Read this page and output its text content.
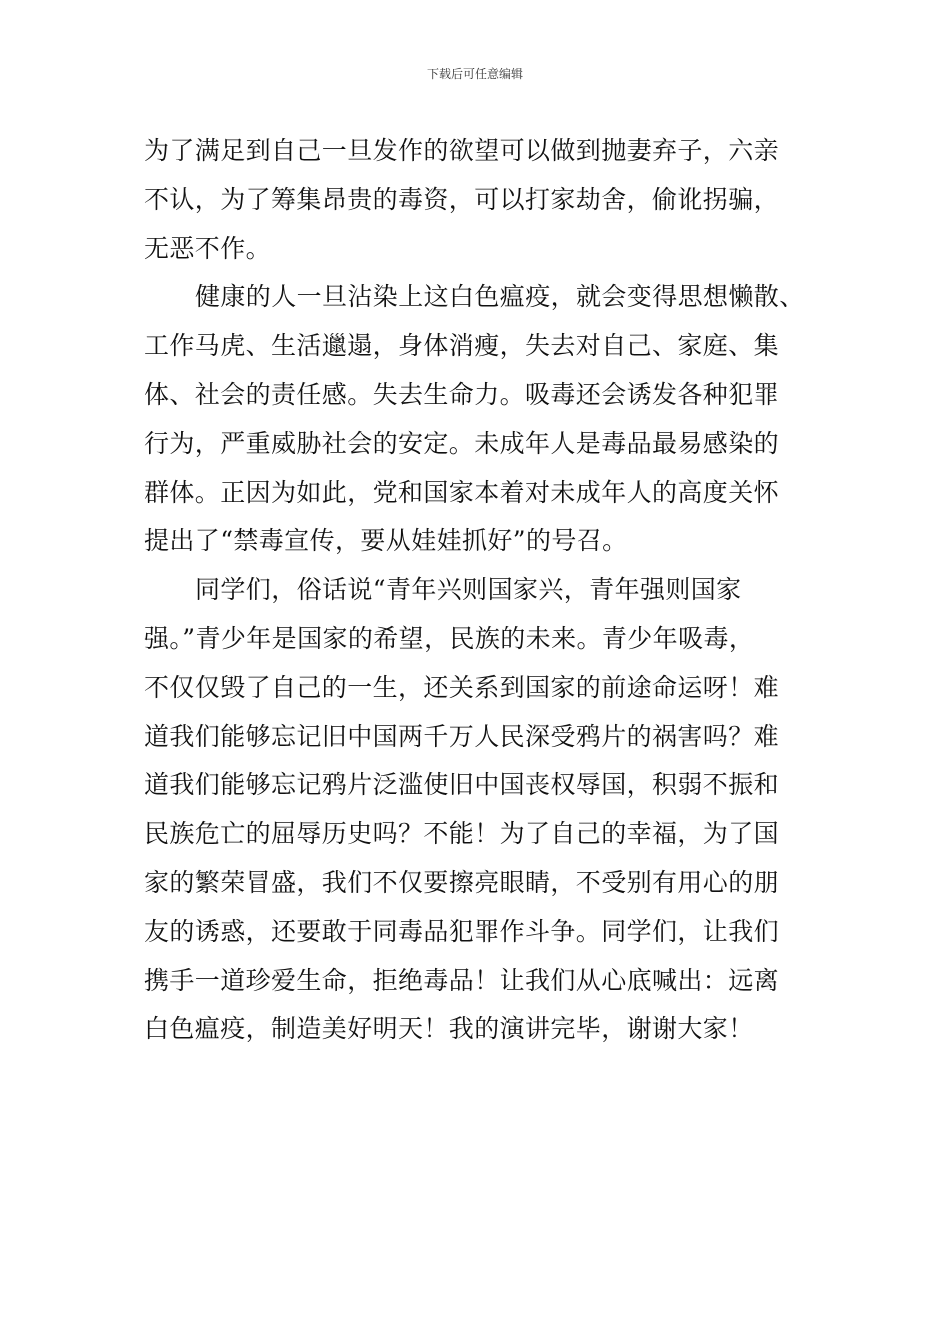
下载后可任意编辑
为了满足到自己一旦发作的欲望可以做到抛妻弃子，六亲
不认，为了筹集昂贵的毒资，可以打家劫舍，偷讹拐骗，
无恶不作。
健康的人一旦沾染上这白色瘟疫，就会变得思想懒散、
工作马虎、生活邋遢，身体消瘦，失去对自己、家庭、集
体、社会的责任感。失去生命力。吸毒还会诱发各种犯罪
行为，严重威胁社会的安定。未成年人是毒品最易感染的
群体。正因为如此，党和国家本着对未成年人的高度关怀
提出了“禁毒宣传，要从娃娃抓好”的号召。
同学们，俗话说“青年兴则国家兴，青年强则国家
强。”青少年是国家的希望，民族的未来。青少年吸毒，
不仅仅毁了自己的一生，还关系到国家的前途命运呀！难
道我们能够忘记旧中国两千万人民深受鸦片的祸害吗？难
道我们能够忘记鸦片泛滥使旧中国丧权辱国，积弱不振和
民族危亡的屈辱历史吗？不能！为了自己的幸福，为了国
家的繁荣冒盛，我们不仅要擦亮眼睛，不受别有用心的朋
友的诱惑，还要敢于同毒品犯罪作斗争。同学们，让我们
携手一道珍爱生命，拒绝毒品！让我们从心底喊出：远离
白色瘟疫，制造美好明天！我的演讲完毕，谢谢大家！
